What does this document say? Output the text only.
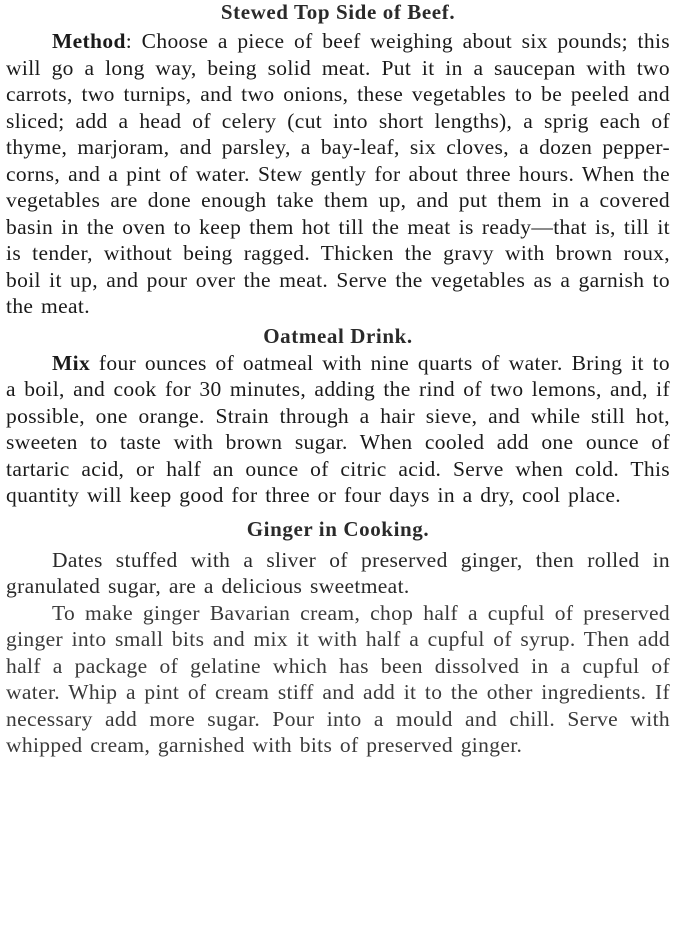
Stewed Top Side of Beef.

Method: Choose a piece of beef weighing about six pounds; this will go a long way, being solid meat. Put it in a saucepan with two carrots, two turnips, and two onions, these vegetables to be peeled and sliced; add a head of celery (cut into short lengths), a sprig each of thyme, marjoram, and parsley, a bay-leaf, six cloves, a dozen pepper-corns, and a pint of water. Stew gently for about three hours. When the vegetables are done enough take them up, and put them in a covered basin in the oven to keep them hot till the meat is ready—that is, till it is tender, without being ragged. Thicken the gravy with brown roux, boil it up, and pour over the meat. Serve the vegetables as a garnish to the meat.

Oatmeal Drink.

Mix four ounces of oatmeal with nine quarts of water. Bring it to a boil, and cook for 30 minutes, adding the rind of two lemons, and, if possible, one orange. Strain through a hair sieve, and while still hot, sweeten to taste with brown sugar. When cooled add one ounce of tartaric acid, or half an ounce of citric acid. Serve when cold. This quantity will keep good for three or four days in a dry, cool place.

Ginger in Cooking.

Dates stuffed with a sliver of preserved ginger, then rolled in granulated sugar, are a delicious sweetmeat.

To make ginger Bavarian cream, chop half a cupful of preserved ginger into small bits and mix it with half a cupful of syrup. Then add half a package of gelatine which has been dissolved in a cupful of water. Whip a pint of cream stiff and add it to the other ingredients. If necessary add more sugar. Pour into a mould and chill. Serve with whipped cream, garnished with bits of preserved ginger.
